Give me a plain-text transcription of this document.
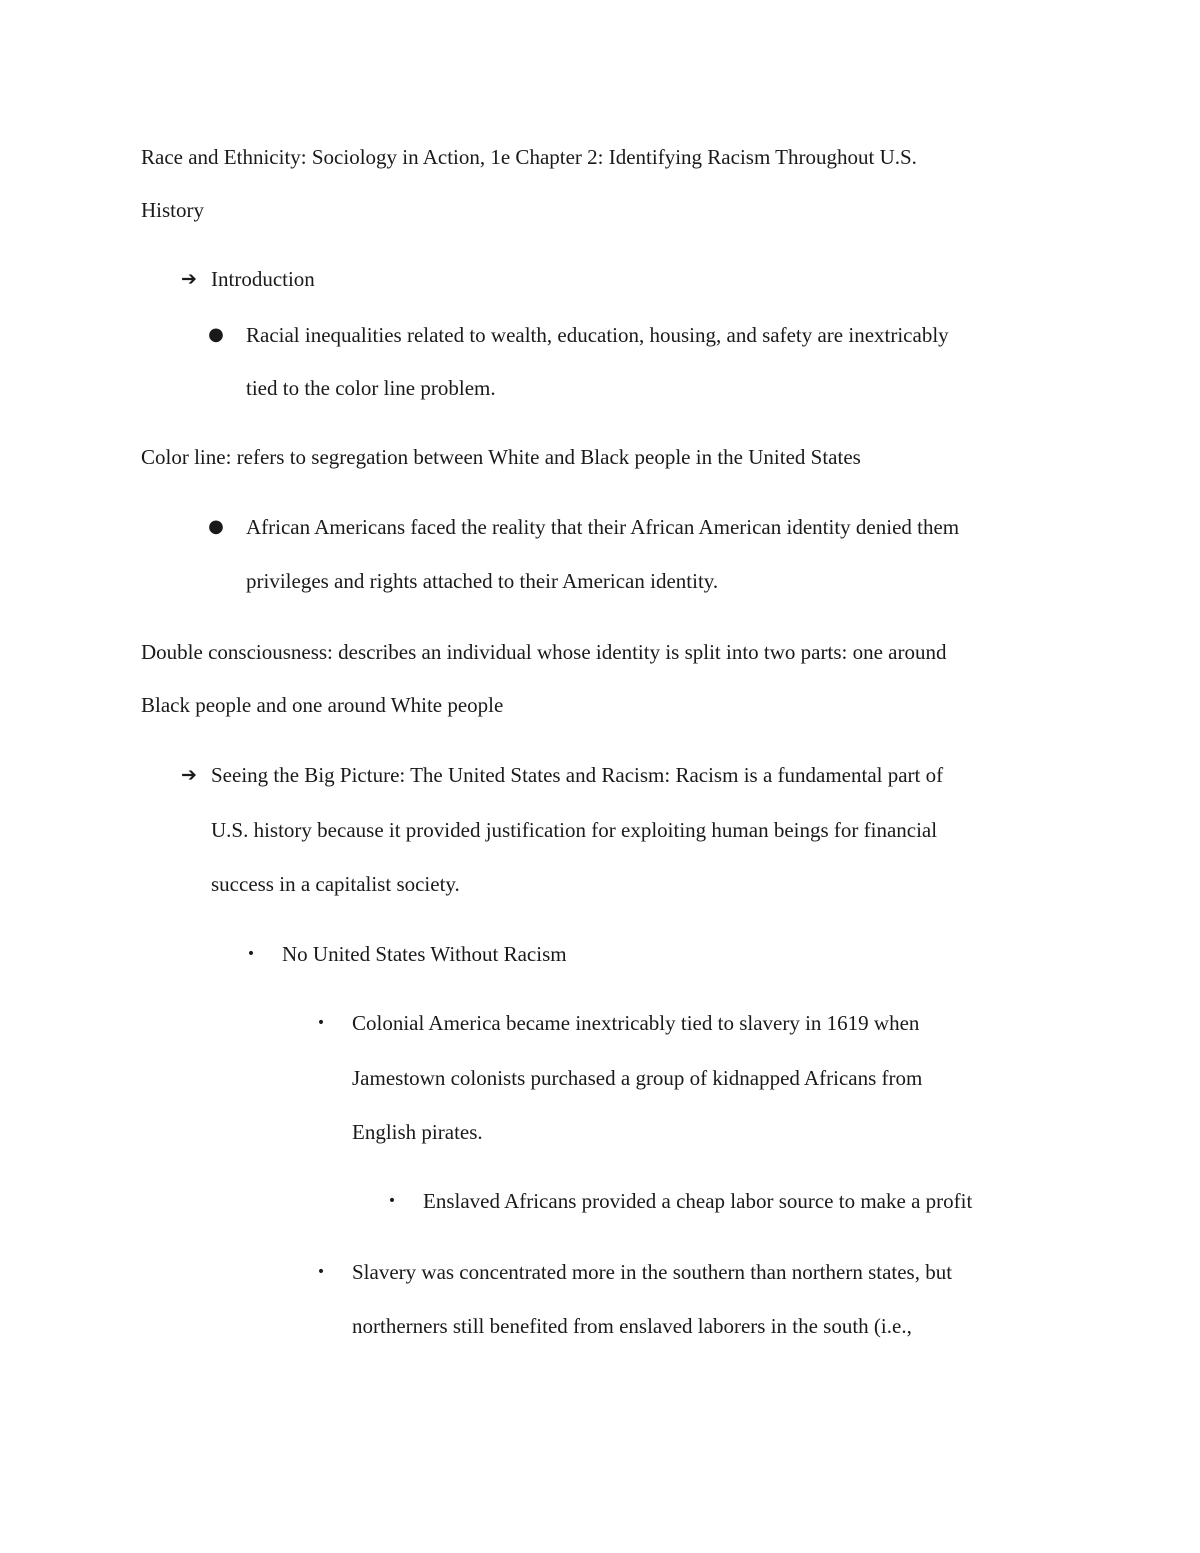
Race and Ethnicity: Sociology in Action, 1e Chapter 2: Identifying Racism Throughout U.S.
History
➔ Introduction
● Racial inequalities related to wealth, education, housing, and safety are inextricably
tied to the color line problem.
Color line: refers to segregation between White and Black people in the United States
● African Americans faced the reality that their African American identity denied them
privileges and rights attached to their American identity.
Double consciousness: describes an individual whose identity is split into two parts: one around
Black people and one around White people
➔ Seeing the Big Picture: The United States and Racism: Racism is a fundamental part of
U.S. history because it provided justification for exploiting human beings for financial
success in a capitalist society.
• No United States Without Racism
• Colonial America became inextricably tied to slavery in 1619 when
Jamestown colonists purchased a group of kidnapped Africans from
English pirates.
• Enslaved Africans provided a cheap labor source to make a profit
• Slavery was concentrated more in the southern than northern states, but
northerners still benefited from enslaved laborers in the south (i.e.,
